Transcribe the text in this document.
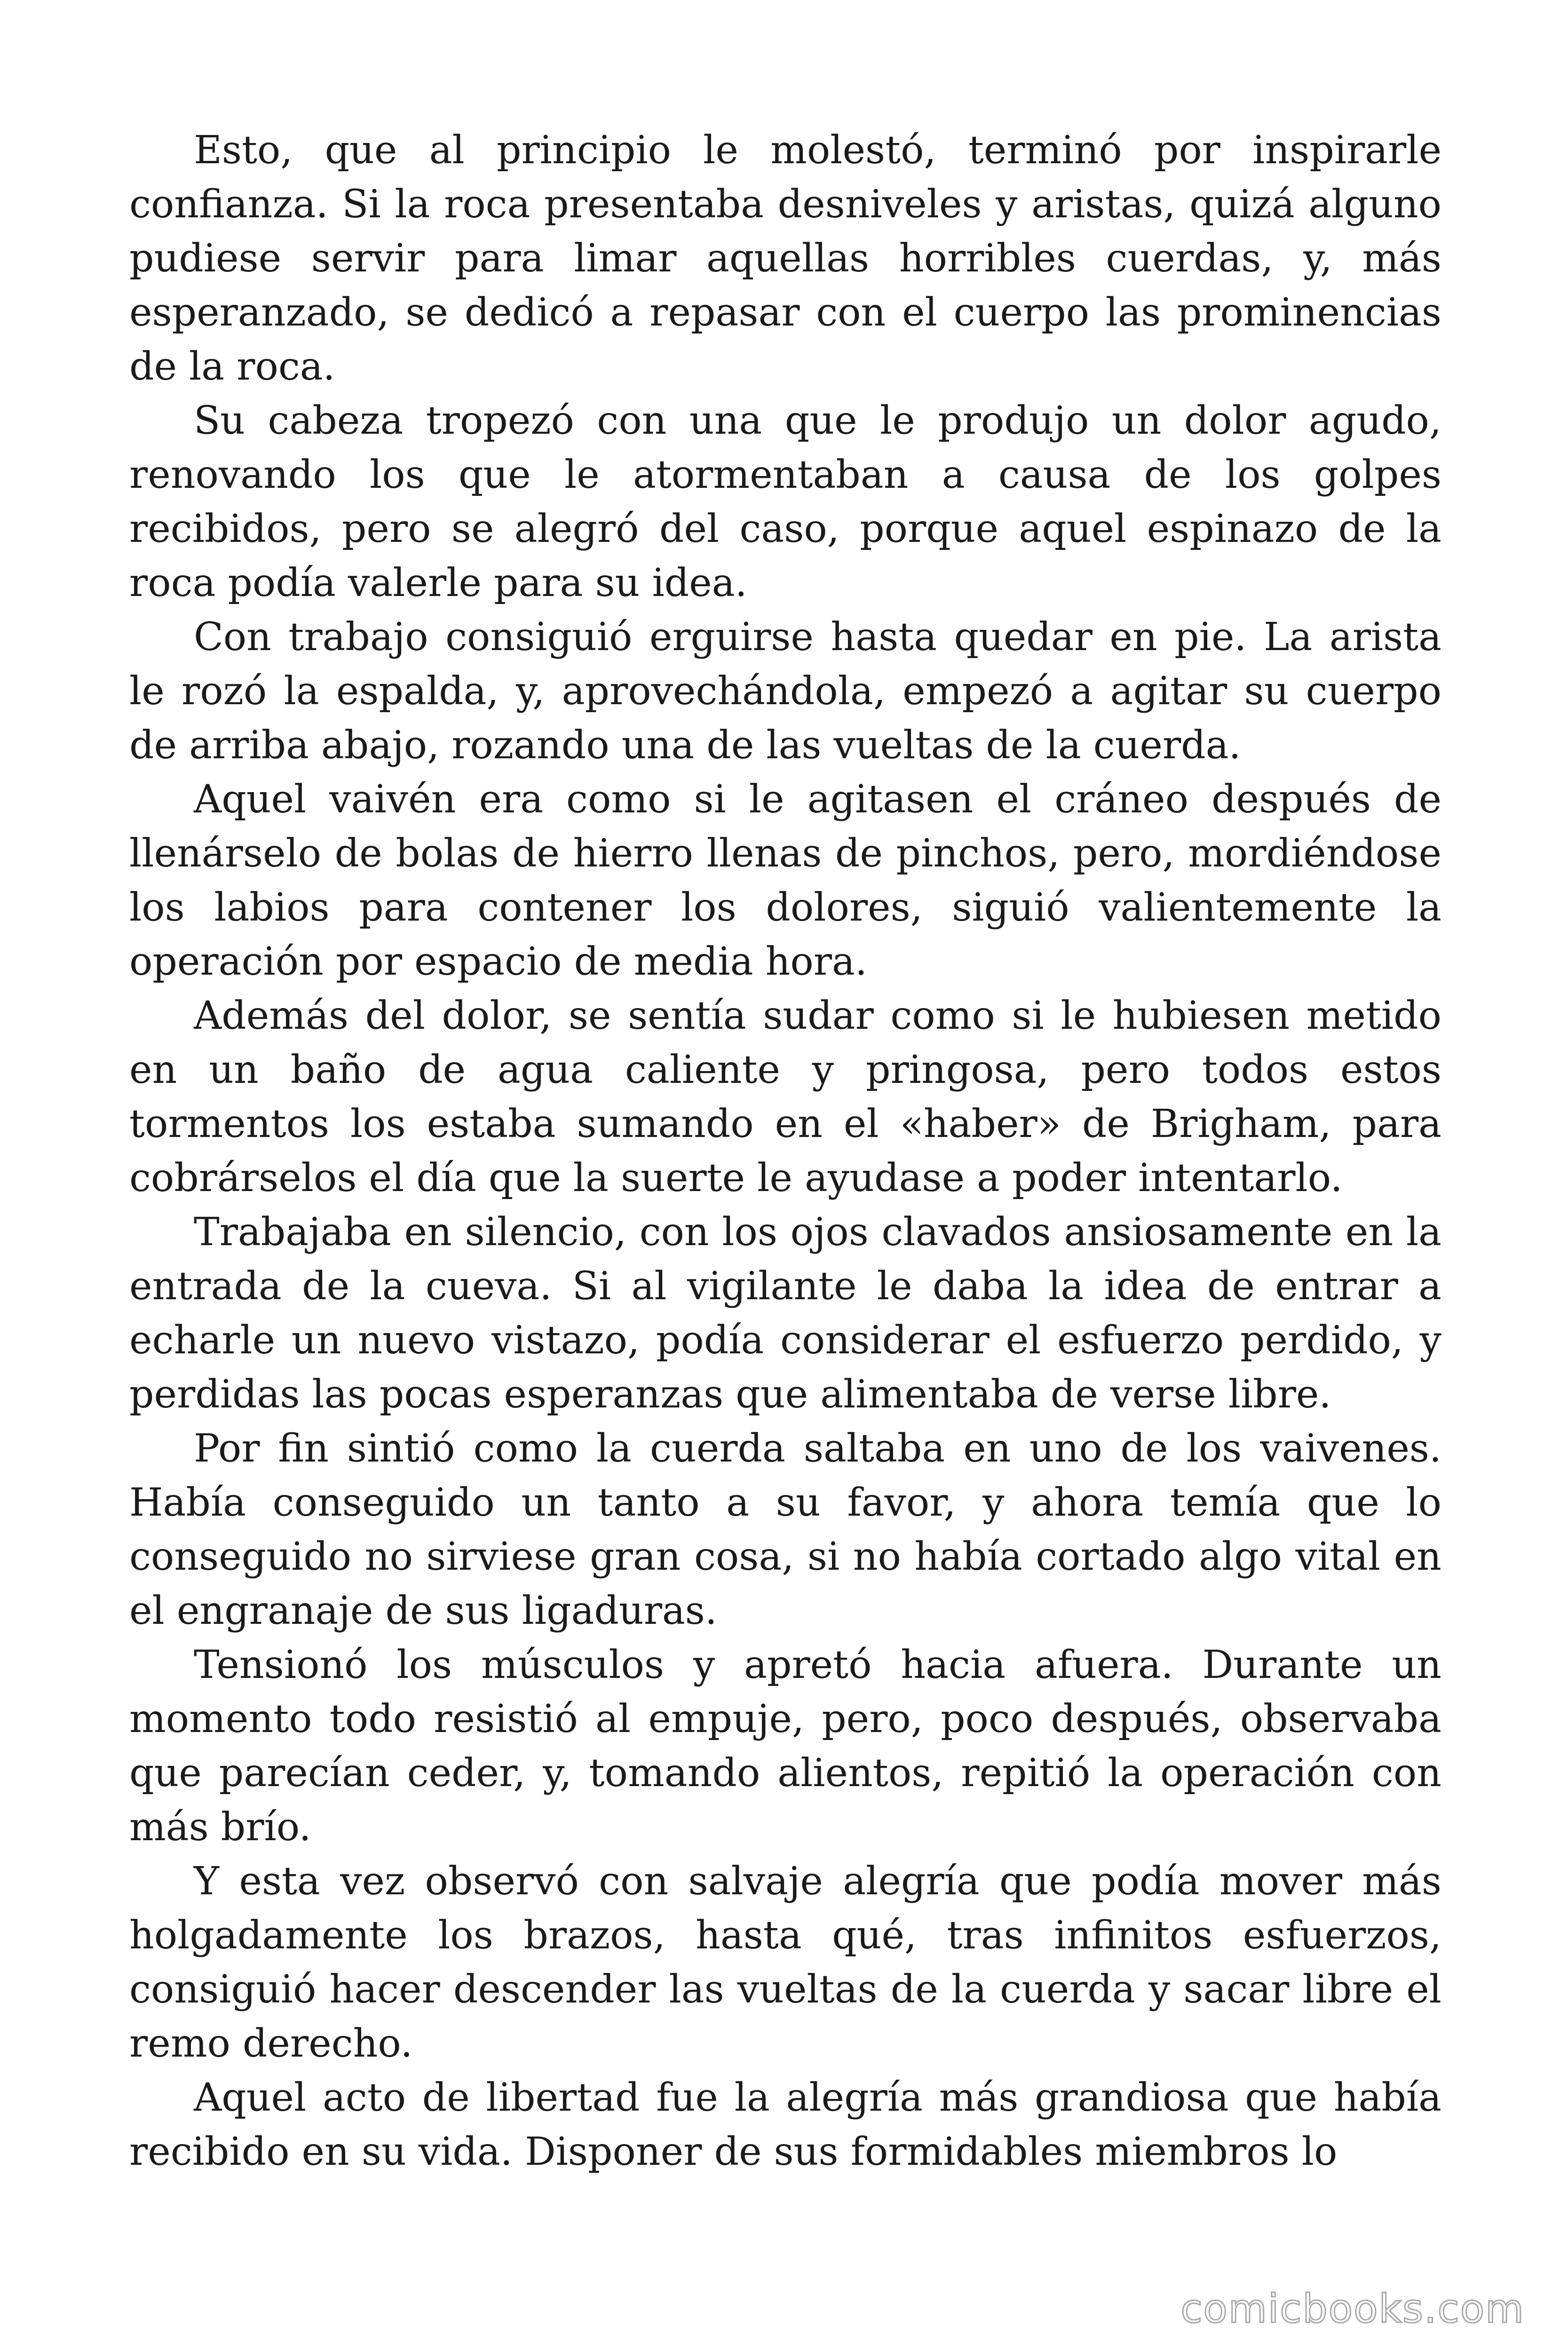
Esto, que al principio le molestó, terminó por inspirarle confianza. Si la roca presentaba desniveles y aristas, quizá alguno pudiese servir para limar aquellas horribles cuerdas, y, más esperanzado, se dedicó a repasar con el cuerpo las prominencias de la roca.

Su cabeza tropezó con una que le produjo un dolor agudo, renovando los que le atormentaban a causa de los golpes recibidos, pero se alegró del caso, porque aquel espinazo de la roca podía valerle para su idea.

Con trabajo consiguió erguirse hasta quedar en pie. La arista le rozó la espalda, y, aprovechándola, empezó a agitar su cuerpo de arriba abajo, rozando una de las vueltas de la cuerda.

Aquel vaivén era como si le agitasen el cráneo después de llenárselo de bolas de hierro llenas de pinchos, pero, mordiéndose los labios para contener los dolores, siguió valientemente la operación por espacio de media hora.

Además del dolor, se sentía sudar como si le hubiesen metido en un baño de agua caliente y pringosa, pero todos estos tormentos los estaba sumando en el «haber» de Brigham, para cobrárselos el día que la suerte le ayudase a poder intentarlo.

Trabajaba en silencio, con los ojos clavados ansiosamente en la entrada de la cueva. Si al vigilante le daba la idea de entrar a echarle un nuevo vistazo, podía considerar el esfuerzo perdido, y perdidas las pocas esperanzas que alimentaba de verse libre.

Por fin sintió como la cuerda saltaba en uno de los vaivenes. Había conseguido un tanto a su favor, y ahora temía que lo conseguido no sirviese gran cosa, si no había cortado algo vital en el engranaje de sus ligaduras.

Tensionó los músculos y apretó hacia afuera. Durante un momento todo resistió al empuje, pero, poco después, observaba que parecían ceder, y, tomando alientos, repitió la operación con más brío.

Y esta vez observó con salvaje alegría que podía mover más holgadamente los brazos, hasta qué, tras infinitos esfuerzos, consiguió hacer descender las vueltas de la cuerda y sacar libre el remo derecho.

Aquel acto de libertad fue la alegría más grandiosa que había recibido en su vida. Disponer de sus formidables miembros lo

comicbooks.com
